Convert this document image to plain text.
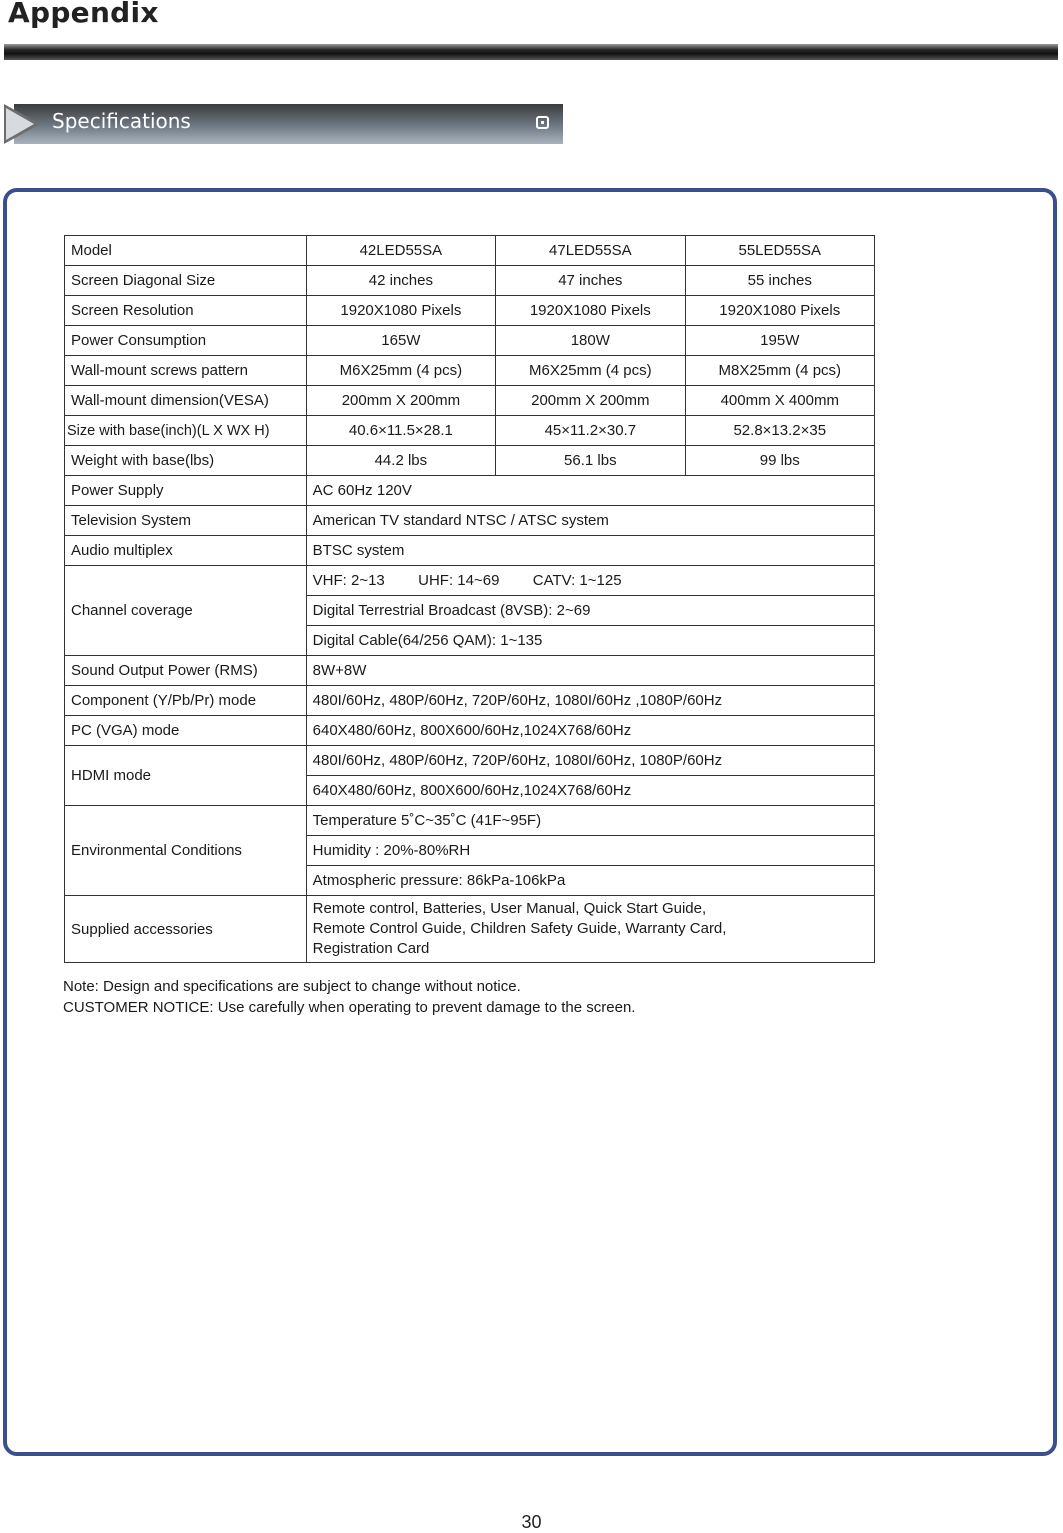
Appendix
Specifications
Model	42LED55SA	47LED55SA	55LED55SA
Screen Diagonal Size	42 inches	47 inches	55 inches
Screen Resolution	1920X1080 Pixels	1920X1080 Pixels	1920X1080 Pixels
Power Consumption	165W	180W	195W
Wall-mount screws pattern	M6X25mm (4 pcs)	M6X25mm (4 pcs)	M8X25mm (4 pcs)
Wall-mount dimension(VESA)	200mm X 200mm	200mm X 200mm	400mm X 400mm
Size with base(inch)(L X WX H)	40.6×11.5×28.1	45×11.2×30.7	52.8×13.2×35
Weight with base(lbs)	44.2 lbs	56.1 lbs	99 lbs
Power Supply	AC 60Hz 120V		
Television System	American TV standard NTSC / ATSC system		
Audio multiplex	BTSC system		
Channel coverage	VHF: 2~13        UHF: 14~69        CATV: 1~125		
	Digital Terrestrial Broadcast (8VSB): 2~69		
	Digital Cable(64/256 QAM): 1~135		
Sound Output Power (RMS)	8W+8W		
Component (Y/Pb/Pr) mode	480I/60Hz, 480P/60Hz, 720P/60Hz, 1080I/60Hz ,1080P/60Hz		
PC (VGA) mode	640X480/60Hz, 800X600/60Hz,1024X768/60Hz		
HDMI mode	480I/60Hz, 480P/60Hz, 720P/60Hz, 1080I/60Hz, 1080P/60Hz		
	640X480/60Hz, 800X600/60Hz,1024X768/60Hz		
Environmental Conditions	Temperature 5˚C~35˚C (41F~95F)		
	Humidity : 20%-80%RH		
	Atmospheric pressure: 86kPa-106kPa		
Supplied accessories	Remote control, Batteries, User Manual, Quick Start Guide,
Remote Control Guide, Children Safety Guide, Warranty Card,
Registration Card		
Note: Design and specifications are subject to change without notice.
CUSTOMER NOTICE: Use carefully when operating to prevent damage to the screen.
30
